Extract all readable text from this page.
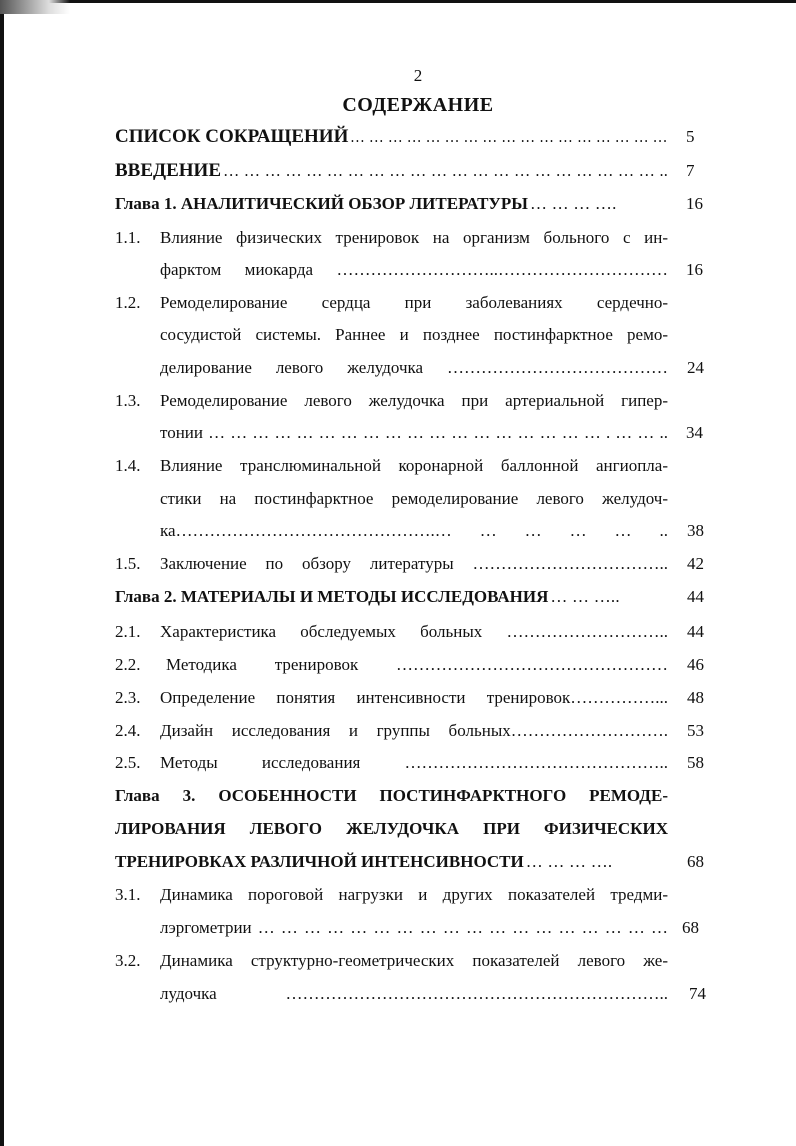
2
СОДЕРЖАНИЕ
СПИСОК СОКРАЩЕНИЙ … … … … … … … … … … … … … … … … … 5
ВВЕДЕНИЕ … … … … … … … … … … … … … … … … … … … … … .. 7
Глава 1. АНАЛИТИЧЕСКИЙ ОБЗОР ЛИТЕРАТУРЫ … … … ….	16
1.1. Влияние физических тренировок на организм больного с ин-
фарктом миокарда ………………………..………………………… 16
1.2. Ремоделирование сердца при заболеваниях сердечно-
сосудистой системы. Раннее и позднее постинфарктное ремо-
делирование левого желудочка ………………………………… 24
1.3. Ремоделирование левого желудочка при артериальной гипер-
тонии … … … … … … … … … … … … … … … … … … . … … .. 34
1.4. Влияние транслюминальной коронарной баллонной ангиопла-
стики на постинфарктное ремоделирование левого желудоч-
ка……………………………………….… … … … … .. 38
1.5. Заключение по обзору литературы …………………………….. 42
Глава 2. МАТЕРИАЛЫ И МЕТОДЫ ИССЛЕДОВАНИЯ … … …..	44
2.1. Характеристика обследуемых больных ……………………….. 44
2.2. Методика тренировок ………………………………………… 46
2.3. Определение понятия интенсивности тренировок……………... 48
2.4. Дизайн исследования и группы больных………………………. 53
2.5. Методы исследования ……………………………………….. 58
Глава 3. ОСОБЕННОСТИ ПОСТИНФАРКТНОГО РЕМОДЕ-
ЛИРОВАНИЯ ЛЕВОГО ЖЕЛУДОЧКА ПРИ ФИЗИЧЕСКИХ
ТРЕНИРОВКАХ РАЗЛИЧНОЙ ИНТЕНСИВНОСТИ … … … ….	68
3.1. Динамика пороговой нагрузки и других показателей тредми-
лэргометрии … … … … … … … … … … … … … … … … … … 68
3.2. Динамика структурно-геометрических показателей левого же-
лудочка ………………………………………………………….. 74
